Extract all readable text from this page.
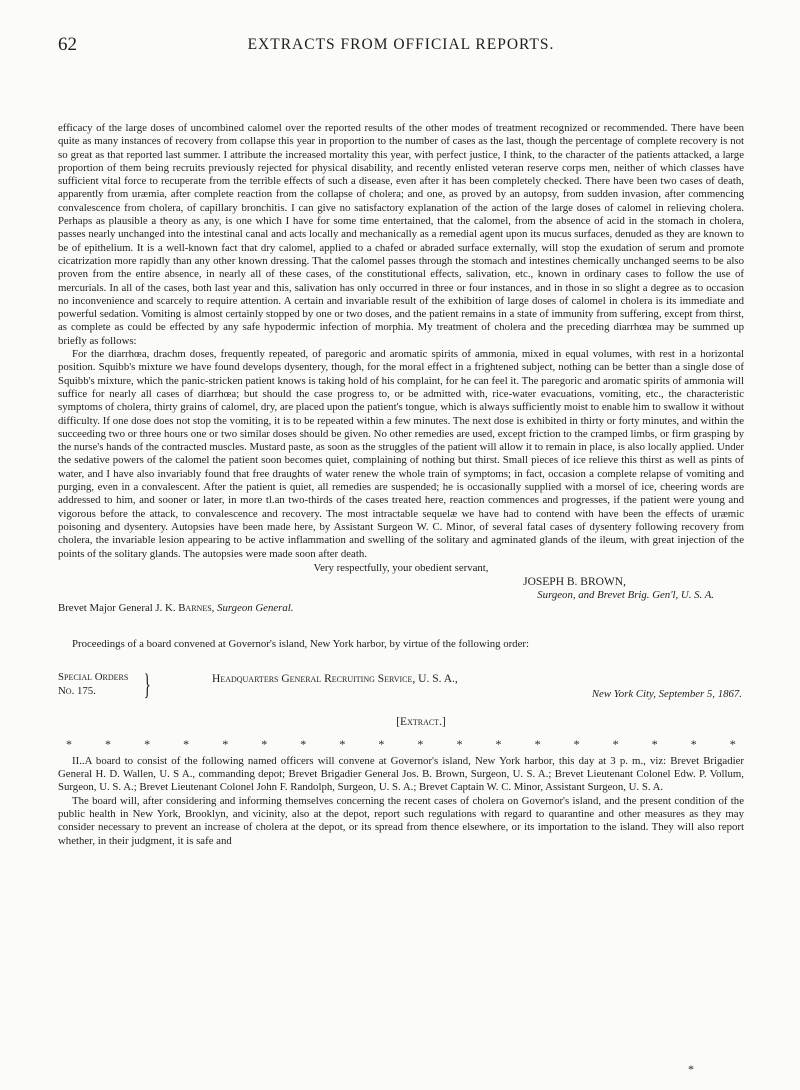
62	EXTRACTS FROM OFFICIAL REPORTS.

efficacy of the large doses of uncombined calomel over the reported results of the other modes of treatment recognized or recommended. There have been quite as many instances of recovery from collapse this year in proportion to the number of cases as the last, though the percentage of complete recovery is not so great as that reported last summer. I attribute the increased mortality this year, with perfect justice, I think, to the character of the patients attacked, a large proportion of them being recruits previously rejected for physical disability, and recently enlisted veteran reserve corps men, neither of which classes have sufficient vital force to recuperate from the terrible effects of such a disease, even after it has been completely checked. There have been two cases of death, apparently from uræmia, after complete reaction from the collapse of cholera; and one, as proved by an autopsy, from sudden invasion, after commencing convalescence from cholera, of capillary bronchitis. I can give no satisfactory explanation of the action of the large doses of calomel in relieving cholera. Perhaps as plausible a theory as any, is one which I have for some time entertained, that the calomel, from the absence of acid in the stomach in cholera, passes nearly unchanged into the intestinal canal and acts locally and mechanically as a remedial agent upon its mucus surfaces, denuded as they are known to be of epithelium. It is a well-known fact that dry calomel, applied to a chafed or abraded surface externally, will stop the exudation of serum and promote cicatrization more rapidly than any other known dressing. That the calomel passes through the stomach and intestines chemically unchanged seems to be also proven from the entire absence, in nearly all of these cases, of the constitutional effects, salivation, etc., known in ordinary cases to follow the use of mercurials. In all of the cases, both last year and this, salivation has only occurred in three or four instances, and in those in so slight a degree as to occasion no inconvenience and scarcely to require attention. A certain and invariable result of the exhibition of large doses of calomel in cholera is its immediate and powerful sedation. Vomiting is almost certainly stopped by one or two doses, and the patient remains in a state of immunity from suffering, except from thirst, as complete as could be effected by any safe hypodermic infection of morphia. My treatment of cholera and the preceding diarrhœa may be summed up briefly as follows:

For the diarrhœa, drachm doses, frequently repeated, of paregoric and aromatic spirits of ammonia, mixed in equal volumes, with rest in a horizontal position. Squibb's mixture we have found develops dysentery, though, for the moral effect in a frightened subject, nothing can be better than a single dose of Squibb's mixture, which the panic-stricken patient knows is taking hold of his complaint, for he can feel it. The paregoric and aromatic spirits of ammonia will suffice for nearly all cases of diarrhœa; but should the case progress to, or be admitted with, rice-water evacuations, vomiting, etc., the characteristic symptoms of cholera, thirty grains of calomel, dry, are placed upon the patient's tongue, which is always sufficiently moist to enable him to swallow it without difficulty. If one dose does not stop the vomiting, it is to be repeated within a few minutes. The next dose is exhibited in thirty or forty minutes, and within the succeeding two or three hours one or two similar doses should be given. No other remedies are used, except friction to the cramped limbs, or firm grasping by the nurse's hands of the contracted muscles. Mustard paste, as soon as the struggles of the patient will allow it to remain in place, is also locally applied. Under the sedative powers of the calomel the patient soon becomes quiet, complaining of nothing but thirst. Small pieces of ice relieve this thirst as well as pints of water, and I have also invariably found that free draughts of water renew the whole train of symptoms; in fact, occasion a complete relapse of vomiting and purging, even in a convalescent. After the patient is quiet, all remedies are suspended; he is occasionally supplied with a morsel of ice, cheering words are addressed to him, and sooner or later, in more tl.an two-thirds of the cases treated here, reaction commences and progresses, if the patient were young and vigorous before the attack, to convalescence and recovery. The most intractable sequelæ we have had to contend with have been the effects of uræmic poisoning and dysentery. Autopsies have been made here, by Assistant Surgeon W. C. Minor, of several fatal cases of dysentery following recovery from cholera, the invariable lesion appearing to be active inflammation and swelling of the solitary and agminated glands of the ileum, with great injection of the points of the solitary glands. The autopsies were made soon after death.

Very respectfully, your obedient servant,

JOSEPH B. BROWN,

Surgeon, and Brevet Brig. Gen'l, U. S. A.

Brevet Major General J. K. Barnes, Surgeon General.

Proceedings of a board convened at Governor's island, New York harbor, by virtue of the following order:

Special Orders
No. 175.	}	Headquarters General Recruiting Service, U. S. A.,
New York City, September 5, 1867.
[Extract.]
*	*	*	*	*	*	*	*	*	*	*	*	*	*	*	*	*	*

II..A board to consist of the following named officers will convene at Governor's island, New York harbor, this day at 3 p. m., viz: Brevet Brigadier General H. D. Wallen, U. S A., commanding depot; Brevet Brigadier General Jos. B. Brown, Surgeon, U. S. A.; Brevet Lieutenant Colonel Edw. P. Vollum, Surgeon, U. S. A.; Brevet Lieutenant Colonel John F. Randolph, Surgeon, U. S. A.; Brevet Captain W. C. Minor, Assistant Surgeon, U. S. A.

The board will, after considering and informing themselves concerning the recent cases of cholera on Governor's island, and the present condition of the public health in New York, Brooklyn, and vicinity, also at the depot, report such regulations with regard to quarantine and other measures as they may consider necessary to prevent an increase of cholera at the depot, or its spread from thence elsewhere, or its importation to the island. They will also report whether, in their judgment, it is safe and

*
